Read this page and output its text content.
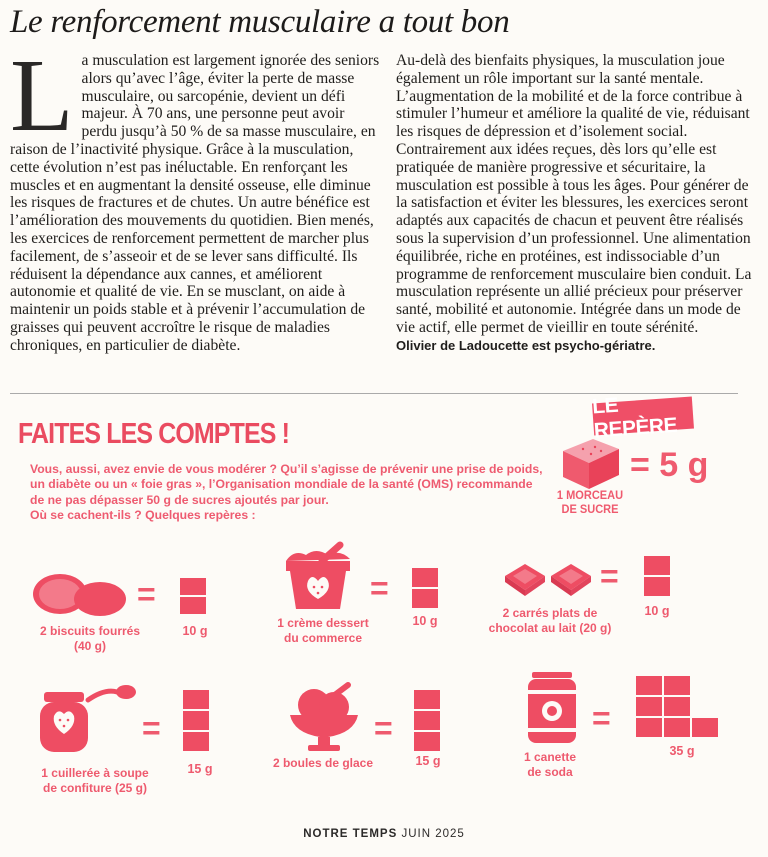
Le renforcement musculaire a tout bon
L a musculation est largement ignorée des seniors alors qu’avec l’âge, éviter la perte de masse musculaire, ou sarcopénie, devient un défi majeur. À 70 ans, une personne peut avoir perdu jusqu’à 50 % de sa masse musculaire, en raison de l’inactivité physique. Grâce à la musculation, cette évolution n’est pas inéluctable. En renforçant les muscles et en augmentant la densité osseuse, elle diminue les risques de fractures et de chutes. Un autre bénéfice est l’amélioration des mouvements du quotidien. Bien menés, les exercices de renforcement permettent de marcher plus facilement, de s’asseoir et de se lever sans difficulté. Ils réduisent la dépendance aux cannes, et améliorent autonomie et qualité de vie. En se musclant, on aide à maintenir un poids stable et à prévenir l’accumulation de graisses qui peuvent accroître le risque de maladies chroniques, en particulier de diabète.

Au-delà des bienfaits physiques, la musculation joue également un rôle important sur la santé mentale. L’augmentation de la mobilité et de la force contribue à stimuler l’humeur et améliore la qualité de vie, réduisant les risques de dépression et d’isolement social. Contrairement aux idées reçues, dès lors qu’elle est pratiquée de manière progressive et sécuritaire, la musculation est possible à tous les âges. Pour générer de la satisfaction et éviter les blessures, les exercices seront adaptés aux capacités de chacun et peuvent être réalisés sous la supervision d’un professionnel. Une alimentation équilibrée, riche en protéines, est indissociable d’un programme de renforcement musculaire bien conduit. La musculation représente un allié précieux pour préserver santé, mobilité et autonomie. Intégrée dans un mode de vie actif, elle permet de vieillir en toute sérénité.

Olivier de Ladoucette est psycho-gériatre.

FAITES LES COMPTES !

Vous, aussi, avez envie de vous modérer ? Qu’il s’agisse de prévenir une prise de poids, un diabète ou un « foie gras », l’Organisation mondiale de la santé (OMS) recommande de ne pas dépasser 50 g de sucres ajoutés par jour.

Où se cachent-ils ? Quelques repères :

LE REPÈRE
= 5 g
1 MORCEAU
DE SUCRE
=
2 biscuits fourrés
(40 g)
10 g
=
1 crème dessert
du commerce
10 g
=
2 carrés plats de
chocolat au lait (20 g)
10 g
=
1 cuillerée à soupe
de confiture (25 g)
15 g
=
2 boules de glace	15 g
=
1 canette
de soda
35 g
NOTRE TEMPS JUIN 2025
